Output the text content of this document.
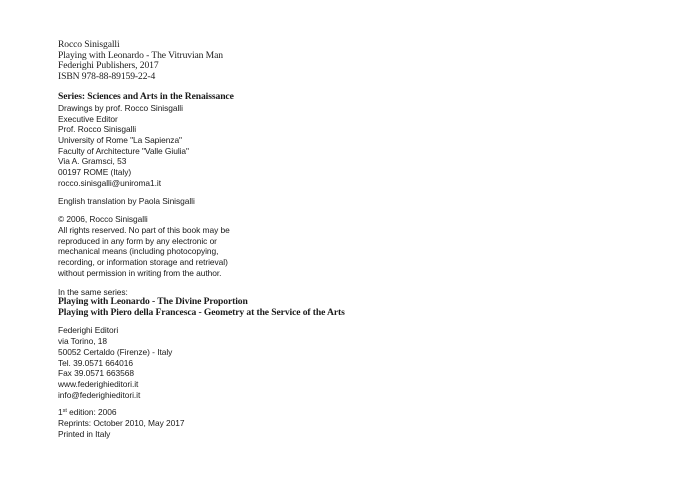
Rocco Sinisgalli
Playing with Leonardo - The Vitruvian Man
Federighi Publishers, 2017
ISBN 978-88-89159-22-4
Series: Sciences and Arts in the Renaissance
Drawings by prof. Rocco Sinisgalli
Executive Editor
Prof. Rocco Sinisgalli
University of Rome "La Sapienza"
Faculty of Architecture "Valle Giulia"
Via A. Gramsci, 53
00197 ROME (Italy)
rocco.sinisgalli@uniroma1.it
English translation by Paola Sinisgalli
© 2006, Rocco Sinisgalli
All rights reserved. No part of this book may be
reproduced in any form by any electronic or
mechanical means (including photocopying,
recording, or information storage and retrieval)
without permission in writing from the author.
In the same series:
Playing with Leonardo - The Divine Proportion
Playing with Piero della Francesca - Geometry at the Service of the Arts
Federighi Editori
via Torino, 18
50052 Certaldo (Firenze) - Italy
Tel. 39.0571 664016
Fax 39.0571 663568
www.federighieditori.it
info@federighieditori.it
1st edition: 2006
Reprints: October 2010, May 2017
Printed in Italy
